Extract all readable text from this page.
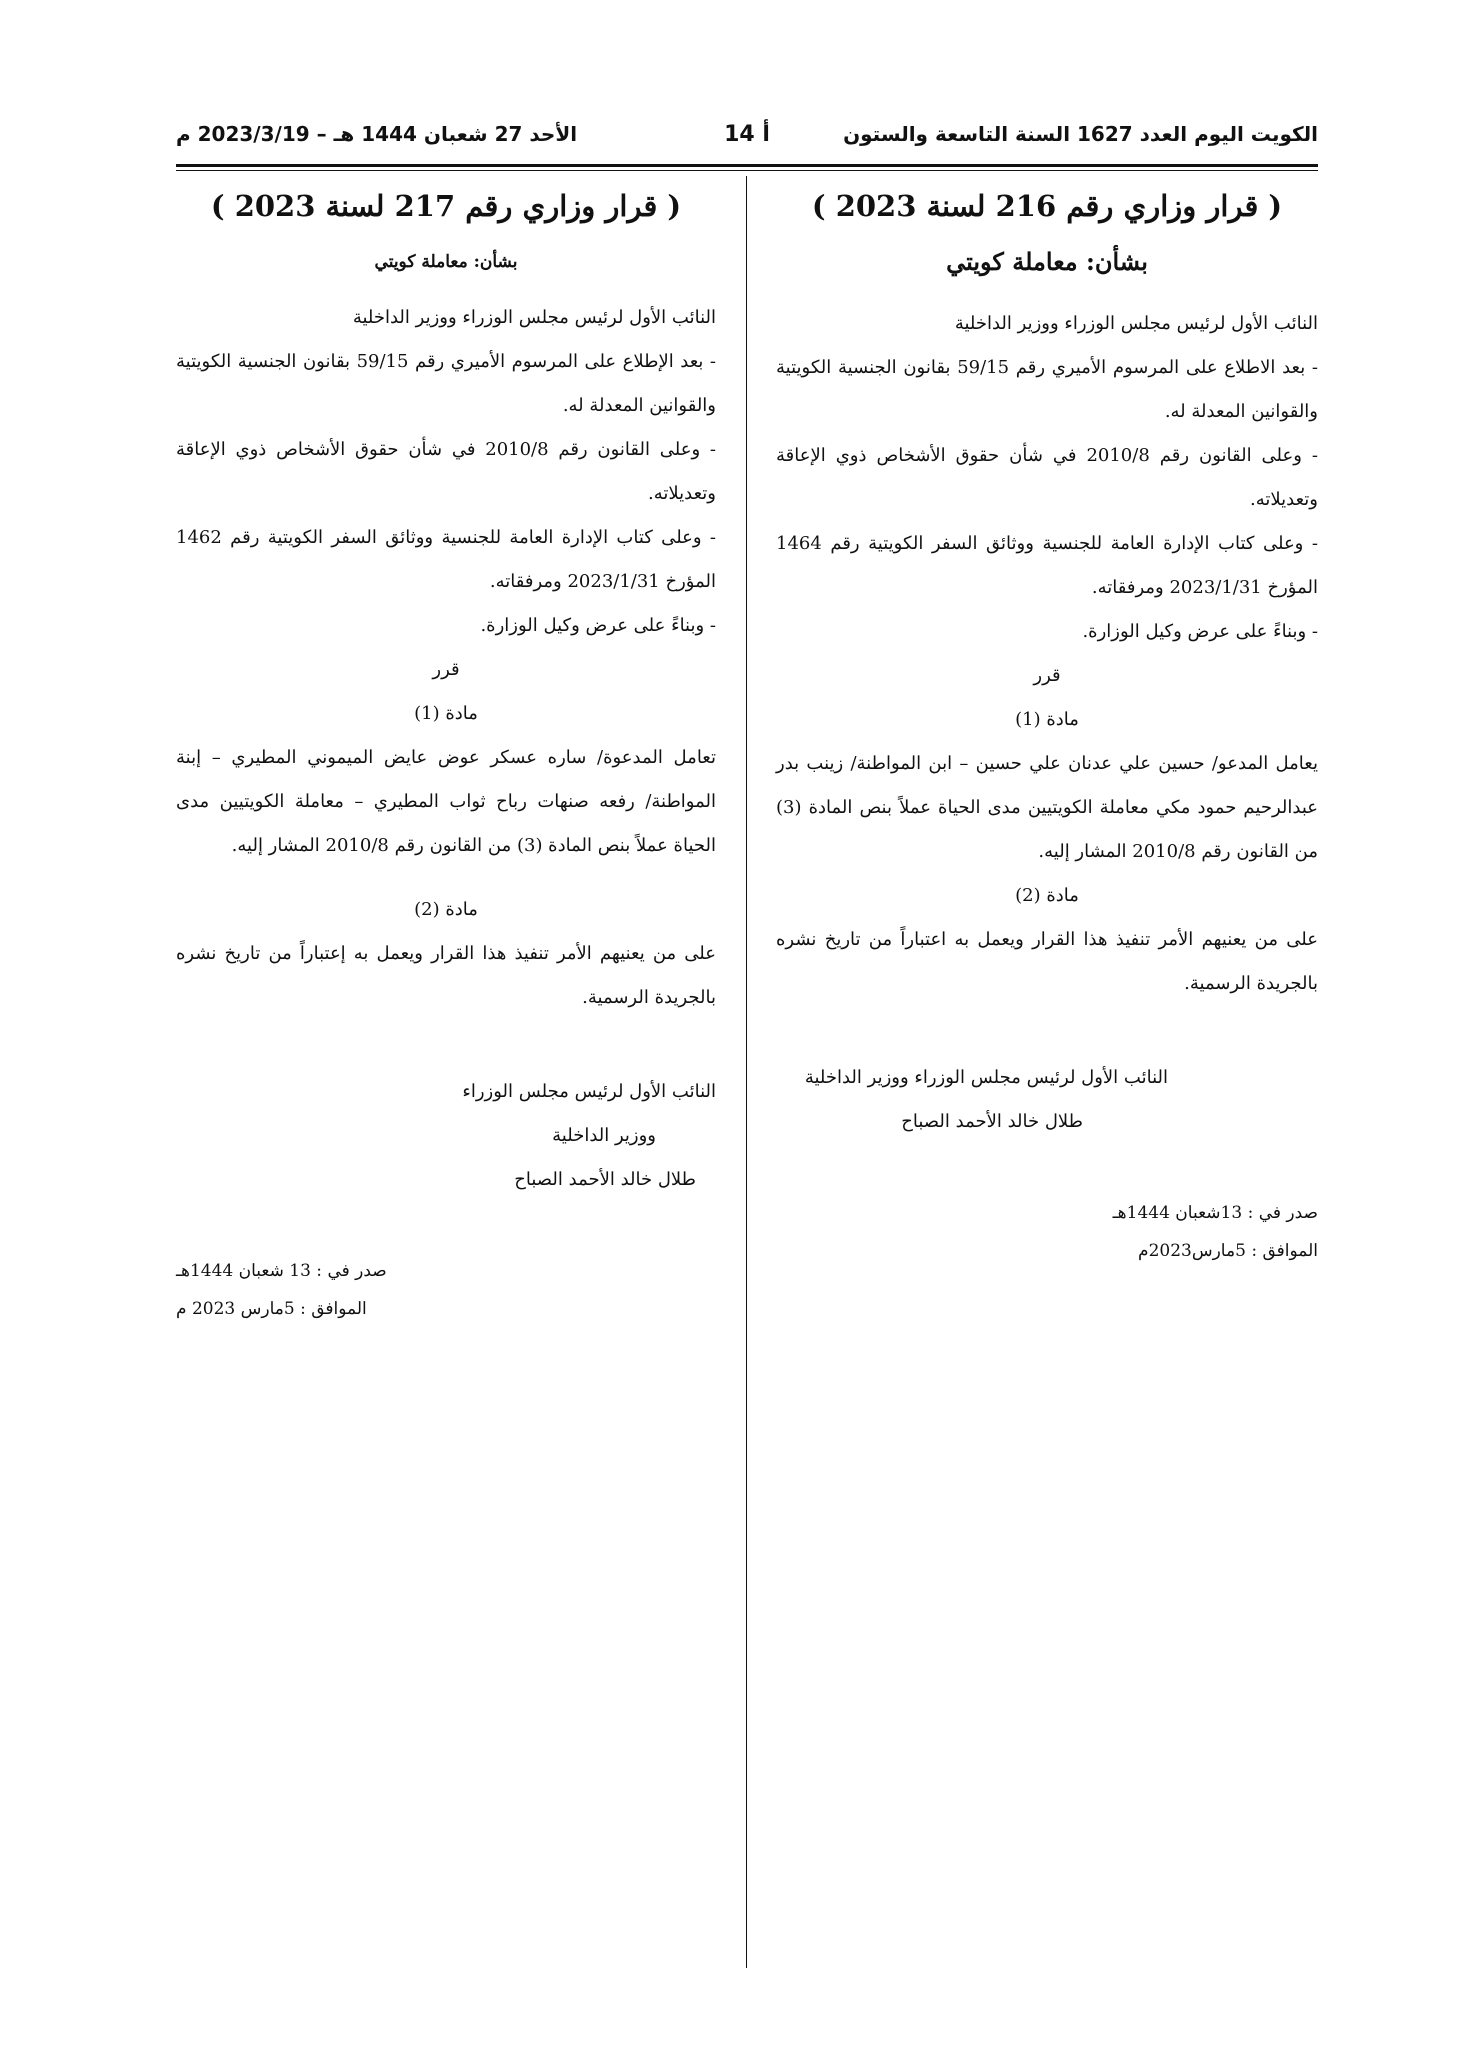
الكويت اليوم العدد 1627 السنة التاسعة والستون
أ 14
الأحد 27 شعبان 1444 هـ – 2023/3/19 م
( قرار وزاري رقم 216 لسنة 2023 )
بشأن: معاملة كويتي

النائب الأول لرئيس مجلس الوزراء ووزير الداخلية

- بعد الاطلاع على المرسوم الأميري رقم 59/15 بقانون الجنسية الكويتية والقوانين المعدلة له.

- وعلى القانون رقم 2010/8 في شأن حقوق الأشخاص ذوي الإعاقة وتعديلاته.

- وعلى كتاب الإدارة العامة للجنسية ووثائق السفر الكويتية رقم 1464 المؤرخ 2023/1/31 ومرفقاته.

- وبناءً على عرض وكيل الوزارة.

قرر

مادة (1)

يعامل المدعو/ حسين علي عدنان علي حسين – ابن المواطنة/ زينب بدر عبدالرحيم حمود مكي معاملة الكويتيين مدى الحياة عملاً بنص المادة (3) من القانون رقم 2010/8 المشار إليه.

مادة (2)

على من يعنيهم الأمر تنفيذ هذا القرار ويعمل به اعتباراً من تاريخ نشره بالجريدة الرسمية.

النائب الأول لرئيس مجلس الوزراء ووزير الداخلية

طلال خالد الأحمد الصباح

صدر في : 13شعبان 1444هـ

الموافق : 5مارس2023م

( قرار وزاري رقم 217 لسنة 2023 )
بشأن: معاملة كويتي

النائب الأول لرئيس مجلس الوزراء ووزير الداخلية

- بعد الإطلاع على المرسوم الأميري رقم 59/15 بقانون الجنسية الكويتية والقوانين المعدلة له.

- وعلى القانون رقم 2010/8 في شأن حقوق الأشخاص ذوي الإعاقة وتعديلاته.

- وعلى كتاب الإدارة العامة للجنسية ووثائق السفر الكويتية رقم 1462 المؤرخ 2023/1/31 ومرفقاته.

- وبناءً على عرض وكيل الوزارة.

قرر

مادة (1)

تعامل المدعوة/ ساره عسكر عوض عايض الميموني المطيري – إبنة المواطنة/ رفعه صنهات رباح ثواب المطيري – معاملة الكويتيين مدى الحياة عملاً بنص المادة (3) من القانون رقم 2010/8 المشار إليه.

مادة (2)

على من يعنيهم الأمر تنفيذ هذا القرار ويعمل به إعتباراً من تاريخ نشره بالجريدة الرسمية.

النائب الأول لرئيس مجلس الوزراء

ووزير الداخلية

طلال خالد الأحمد الصباح

صدر في : 13 شعبان 1444هـ

الموافق : 5مارس 2023 م
